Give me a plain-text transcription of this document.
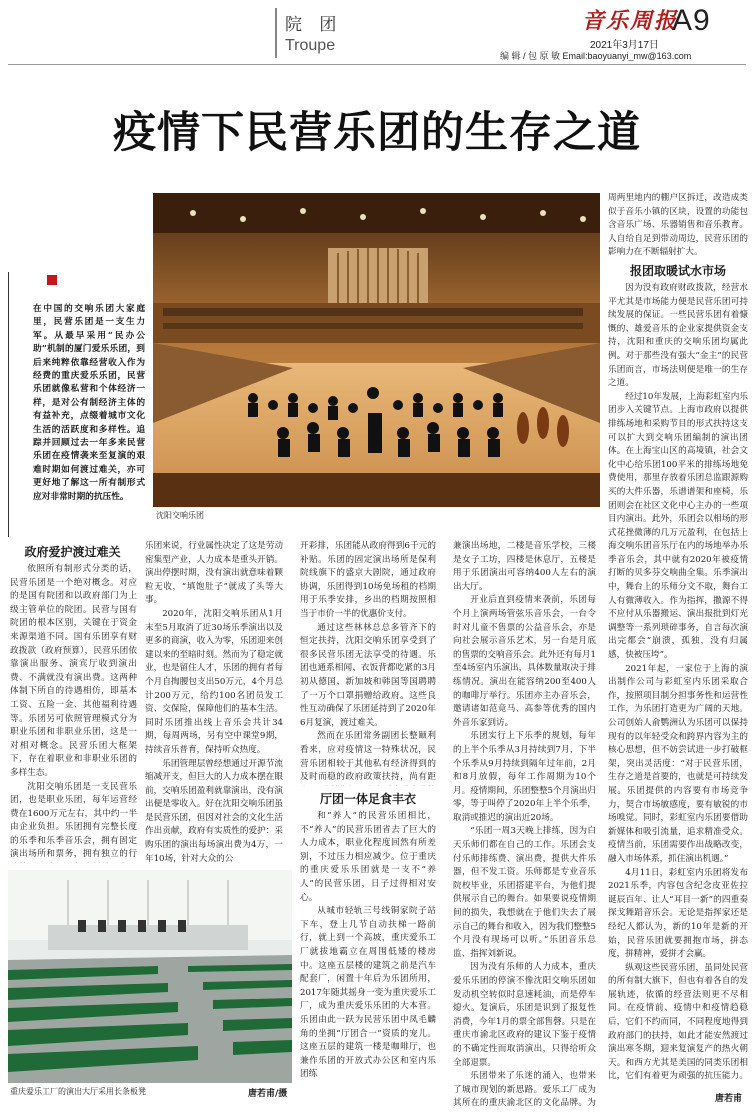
院 团
Troupe
音乐周报
A9
2021年3月17日
编 辑 / 包 原 敏 Email:baoyuanyi_mw@163.com
疫情下民营乐团的生存之道
在中国的交响乐团大家庭里，民营乐团是一支生力军。从最早采用“民办公助”机制的厦门爱乐乐团，到后来纯粹依靠经营收入作为经费的重庆爱乐乐团，民营乐团就像私营和个体经济一样，是对公有制经济主体的有益补充，点缀着城市文化生活的活跃度和多样性。追踪并回顾过去一年多来民营乐团在疫情袭来至复演的艰难时期如何渡过难关，亦可更好地了解这一所有制形式应对非常时期的抗压性。
沈阳交响乐团
政府爱护渡过难关

依照所有制形式分类的话，民营乐团是一个绝对概念。对应的是国有院团和以政府部门为上级主管单位的院团。民营与国有院团的根本区别，关键在于资金来源渠道不同。国有乐团享有财政拨款（政府预算），民营乐团依靠演出服务、演宾厅收到演出费、不满就没有演出费。这两种体制下所自的待遇相仿，即基本工资、五险一金、其他福利待遇等。乐团另可依照管理模式分为职业乐团和非职业乐团，这是一对相对概念。民营乐团大框架下，存在着职业和非职业乐团的多样生态。

沈阳交响乐团是一支民营乐团，也是职业乐团，每年运营经费在1600万元左右，其中约一半由企业负担。乐团拥有完整长度的乐季和乐季音乐会，拥有固定演出场所和票务，拥有独立的行

乐团来说，行业属性决定了这是劳动密集型产业，人力成本是重头开销。演出停摆时期，没有演出就意味着颗粒无收，“填饱肚子”就成了头等大事。

2020年，沈阳交响乐团从1月末至5月取消了近30场乐季演出以及更多的商演，收入为零，乐团迎来创建以来的至暗时刻。然而为了稳定就业，也是留住人才，乐团的拥有者每个月自掏腰包支出50万元，4个月总计200万元，给约100名团员发工资、交保险，保障他们的基本生活。同时乐团推出线上音乐会共计34期，每周两场，另有空中课堂9期，持续音乐普育，保持听众热度。

乐团管理层曾经想通过开源节流缩减开支，但巨大的人力成本摆在眼前，交响乐团盈利就靠演出，没有演出便是零收入。好在沈阳交响乐团虽是民营乐团，但因对社会的文化生活作出贡献，政府有实质性的爱护：采购乐团的演出每场演出费为4万，一年10场，针对大众的公

重庆爱乐工厂的演出大厅采用长条板凳	唐若甫/摄

开彩排，乐团能从政府得到6千元的补贴。乐团的固定演出场所是保利院线旗下的盛京大剧院，通过政府协调，乐团得到10场免场租的档期用于乐季安排，乡出的档期按照相当于市价一半的优惠价支付。

通过这些林林总总多管齐下的恒定扶持，沈阳交响乐团享受到了很多民营乐团无法享受的待遇。乐团也通系相闻、衣饭背都吃紧的3月初从德国、新加坡和韩国等国聘聘了一万个口罩捐赠给政府。这些良性互动确保了乐团延持到了2020年6月复演，渡过难关。

然而在乐团常务副团长整颐利看来，应对疫情这一特殊状况，民营乐团相较于其他私有经济得到的及时而稳的政府政策扶持，尚有距

厅团一体足食丰衣

和“养人”的民营乐团相比，不“养人”的民营乐团省去了巨大的人力成本，职业化程度回然有所差别，不过压力相应减少。位于重庆的重庆爱乐乐团就是一支不“养人”的民营乐团，日子过得相对安心。

从城市轻轨三号线铜家院子站下车，登上几节自动扶梯一路前行，就上到一个高坡，重庆爱乐工厂就拔地霸立在周围低矮的楼房中。这座五层楼的建筑之前是汽车配套厂，闲置十年后为乐团所用，2017年随其摇身一变为重庆爱乐工厂，成为重庆爱乐乐团的大本营。乐团由此一跃为民营乐团中凤毛麟角的坐拥“厅团合一”资质的宠儿。这座五层的建筑一楼是咖啡厅，也兼作乐团的开放式办公区和室内乐团练

兼演出场地，二楼是音乐学校，三楼是女子工坊，四楼是休息厅，五楼是用于乐团演出可容纳400人左右的演出大厅。

开业后直到疫情来袭前，乐团每个月上演两场管弦乐音乐会，一台令时对儿童不售票的公益音乐会，亦是向社会展示音乐艺术，另一台是月底的售票的交响音乐会。此外还有每月1至4场室内乐演出，具体数量取决于排练情况。演出在能容纳200至400人的咖啡厅举行。乐团亦主办音乐会，邀请诸如范竟马、高参等优秀的国内外音乐家到访。

乐团实行上下乐季的规划，每年的上半个乐季从3月持续到7月，下半个乐季从9月持续到隔年过年前，2月和8月放假，每年工作周期为10个月。疫情期间，乐团整整5个月演出归零，等于叫停了2020年上半个乐季，取消或推迟的演出近20场。

“乐团一周3天晚上排练，因为白天乐师们都在自己的工作。乐团会支付乐师排练费、演出费，提供大件乐器，但不发工资。乐师都是专业音乐院校毕业，乐团搭建平台，为他们提供展示自己的舞台。如果要说疫情期间的损失，我想就在于他们失去了展示自己的舞台和收入，因为我们整整5个月没有现场可以听。”乐团音乐总监、指挥刘新说。

因为没有乐师的人力成本，重庆爱乐乐团的停演不像沈阳交响乐团如发动机空转似时息速耗油，而是停车熄火。复演后，乐团是识到了报复性消费，今年1月的票全部售磬。只是在重庆市渝北区政府的建议下鉴于疫情的不确定性而取消演出，只得给听众全部退票。

乐团带来了乐迷的涌入，也带来了城市现划的新思路。爱乐工厂成为其所在的重庆渝北区的文化品牌。为

周两里地内的棚户区拆迁，改造成类似于音乐小镇的区块，设置的功能包含音乐广场、乐器销售和音乐教育。人自给自足到带动周边，民营乐团的影响力在不断辐射扩大。

报团取暖试水市场

因为没有政府财政拨款，经营水平尤其是市场能力便是民营乐团可持续发展的保证。一些民营乐团有着慷慨的、雄爱音乐的企业家提供资金支持，沈阳和重庆的交响乐团均属此例。对于那些没有强大“金主”的民营乐团而言，市场法则便是唯一的生存之道。

经过10年发展，上海彩虹室内乐团步入关键节点。上海市政府以提供排练场地和采购节目的形式扶持这支可以扩大到交响乐团编制的演出团体。在上海宝山区的高境镇，社会文化中心给乐团100平米的排练场地免费使用，那里存放着乐团总监跟源购买的大件乐器，乐谱谱架和座椅，乐团则会在社区文化中心主办的一些项目内演出。此外，乐团会以相场的形式花挫微薄的几万元盈利，在包括上海交响乐团音乐厅在内的场地举办乐季音乐会，其中就有2020年被疫情打断的贝多芬交响曲全集。乐季演出中，舞台上的乐师分文不取，舞台工人有微薄收入。作为指挥，撒源不得不应付从乐器搬运、演出报批到灯光调整等一系列琐碎事务，自言每次演出完都会“崩溃，孤独，没有归属感，快被压垮”。

2021年起，一家位于上海的演出制作公司与彩虹室内乐团采取合作，按照项目制分担事务性和运营性工作，为乐团打造更为广阔的天地。公司创始人俞鹦洲认为乐团可以保持现有的以年轻受众和跨界内容为主的核心思想，但不妨尝试进一步打破框架，突出灵活度：“对于民营乐团，生存之道是首要的，也就是可持续发展。乐团提供的内容要有市场竞争力，契合市场敏感度，要有敏锐的市场嗅觉。同时，彩虹室内乐团要借助新媒体和吸引流量，追求精准受众。疫情当前，乐团需要作出战略改变，融入市场体系，抓住演出机遇。”

4月11日，彩虹室内乐团将发布2021乐季，内容包含纪念皮亚佐拉诞辰百年、让人“耳目一新”的四重奏探戈舞蹈音乐会。无论是指挥家还是经纪人都认为，新的10年是新的开始，民营乐团就要拥抱市场，拼态度，拼精神，爱拼才会赢。

纵观这些民营乐团，虽同处民营的所有制大旗下，但也有着各自的发展轨迹，依循的经营法则更不尽相同。在疫情前、疫情中和疫情趋稳后，它们不约而同，不同程度地得到政府部门的扶持，如此才能安然渡过演出寒冬期，迎来复演复产的热火朝天。和西方尤其是美国的同类乐团相比，它们有着更为顽强的抗压能力。

唐若甫
